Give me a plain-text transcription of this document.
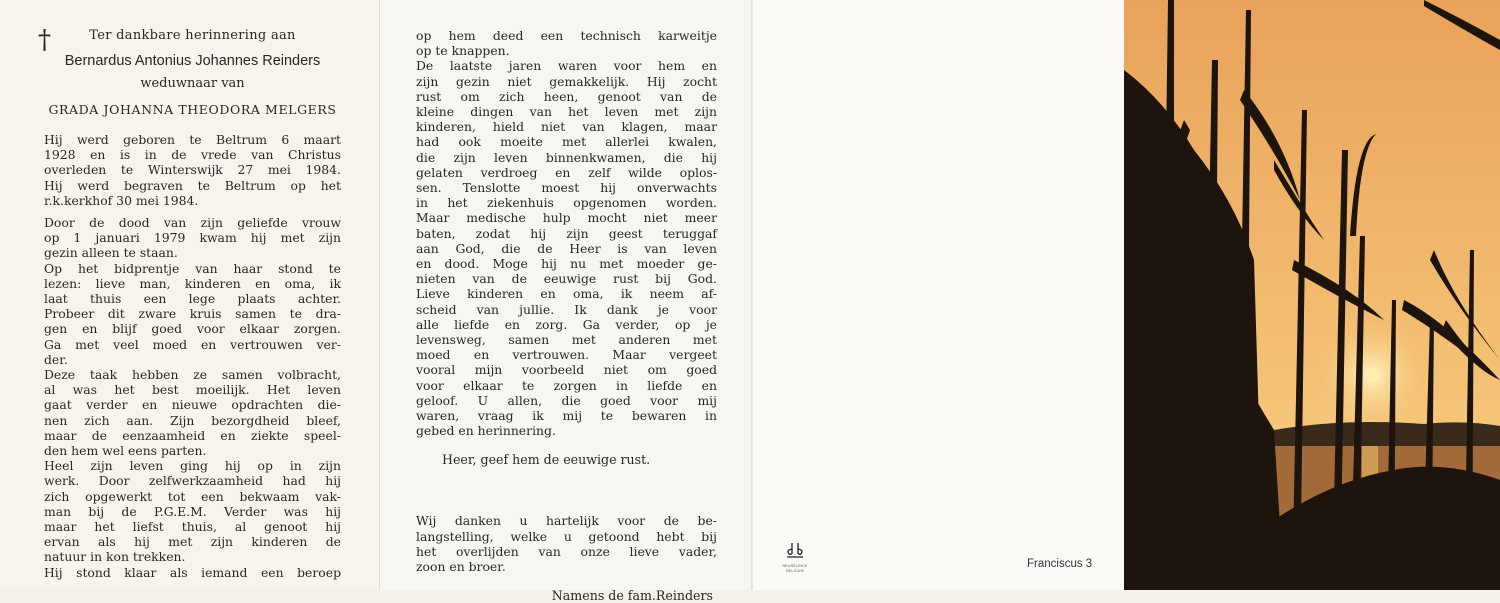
†	Ter dankbare herinnering aan
Bernardus Antonius Johannes Reinders
weduwnaar van
GRADA JOHANNA THEODORA MELGERS
Hij werd geboren te Beltrum 6 maart
1928 en is in de vrede van Christus
overleden te Winterswijk 27 mei 1984.
Hij werd begraven te Beltrum op het
r.k.kerkhof 30 mei 1984.
Door de dood van zijn geliefde vrouw
op 1 januari 1979 kwam hij met zijn
gezin alleen te staan.
Op het bidprentje van haar stond te
lezen: lieve man, kinderen en oma, ik
laat thuis een lege plaats achter.
Probeer dit zware kruis samen te dra-
gen en blijf goed voor elkaar zorgen.
Ga met veel moed en vertrouwen ver-
der.
Deze taak hebben ze samen volbracht,
al was het best moeilijk. Het leven
gaat verder en nieuwe opdrachten die-
nen zich aan. Zijn bezorgdheid bleef,
maar de eenzaamheid en ziekte speel-
den hem wel eens parten.
Heel zijn leven ging hij op in zijn
werk. Door zelfwerkzaamheid had hij
zich opgewerkt tot een bekwaam vak-
man bij de P.G.E.M. Verder was hij
maar het liefst thuis, al genoot hij
ervan als hij met zijn kinderen de
natuur in kon trekken.
Hij stond klaar als iemand een beroep
op hem deed een technisch karweitje
op te knappen.
De laatste jaren waren voor hem en
zijn gezin niet gemakkelijk. Hij zocht
rust om zich heen, genoot van de
kleine dingen van het leven met zijn
kinderen, hield niet van klagen, maar
had ook moeite met allerlei kwalen,
die zijn leven binnenkwamen, die hij
gelaten verdroeg en zelf wilde oplos-
sen. Tenslotte moest hij onverwachts
in het ziekenhuis opgenomen worden.
Maar medische hulp mocht niet meer
baten, zodat hij zijn geest teruggaf
aan God, die de Heer is van leven
en dood. Moge hij nu met moeder ge-
nieten van de eeuwige rust bij God.
Lieve kinderen en oma, ik neem af-
scheid van jullie. Ik dank je voor
alle liefde en zorg. Ga verder, op je
levensweg, samen met anderen met
moed en vertrouwen. Maar vergeet
vooral mijn voorbeeld niet om goed
voor elkaar te zorgen in liefde en
geloof. U allen, die goed voor mij
waren, vraag ik mij te bewaren in
gebed en herinnering.
Heer, geef hem de eeuwige rust.
Wij danken u hartelijk voor de be-
langstelling, welke u getoond hebt bij
het overlijden van onze lieve vader,
zoon en broer.
Namens de fam.Reinders
REUSELINCK
BELGIUM
Franciscus 3
